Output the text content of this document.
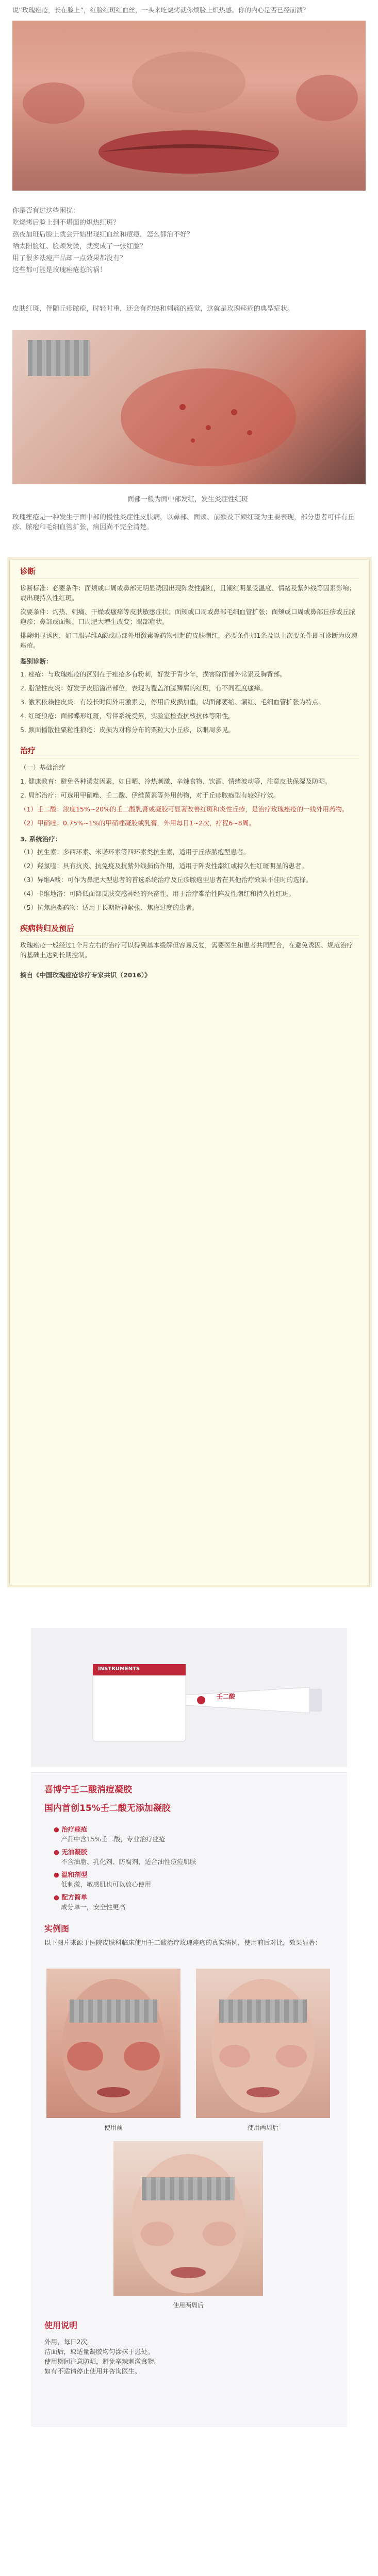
说“玫瑰痤疮，长在脸上”，红脸红斑红血丝，一头来吃烧烤就你烦脸上炽热感。你的内心是否已经崩溃？

你是否有过这些困扰：

吃烧烤后脸上到不堪面的炽热红斑？

熬夜加班后脸上就会开始出现红血丝和痘痘，怎么都治不好？

晒太阳脸红、脸颊发烫，就变成了一张红脸？

用了很多祛痘产品却一点效果都没有？

这些都可能是玫瑰痤疮惹的祸！

皮肤红斑，伴随丘疹脓疱，时轻时重，还会有灼热和刺痛的感觉，这就是玫瑰痤疮的典型症状。

面部一般为面中部发红，发生炎症性红斑

玫瑰痤疮是一种发生于面中部的慢性炎症性皮肤病，以鼻部、面颊、前额及下颏红斑为主要表现，部分患者可伴有丘疹、脓疱和毛细血管扩张，病因尚不完全清楚。

诊断

诊断标准：必要条件：面颊或口周或鼻部无明显诱因出现阵发性潮红，且潮红明显受温度、情绪及紫外线等因素影响；或出现持久性红斑。

次要条件：灼热、刺痛、干燥或瘙痒等皮肤敏感症状；面颊或口周或鼻部毛细血管扩张；面颊或口周或鼻部丘疹或丘脓疱疹；鼻部或面颊、口周肥大增生改变；眼部症状。

排除明显诱因，如口服异维A酸或局部外用激素等药物引起的皮肤潮红，必要条件加1条及以上次要条件即可诊断为玫瑰痤疮。

鉴别诊断：

1. 痤疮：与玫瑰痤疮的区别在于痤疮多有粉刺，好发于青少年，损害除面部外常累及胸背部。

2. 脂溢性皮炎：好发于皮脂溢出部位，表现为覆盖油腻鳞屑的红斑，有不同程度瘙痒。

3. 激素依赖性皮炎：有较长时间外用激素史，停用后皮损加重，以面部萎缩、潮红、毛细血管扩张为特点。

4. 红斑狼疮：面部蝶形红斑，常伴系统受累，实验室检查抗核抗体等阳性。

5. 颜面播散性粟粒性狼疮：皮损为对称分布的粟粒大小丘疹，以眼周多见。

治疗

（一）基础治疗

1. 健康教育：避免各种诱发因素，如日晒、冷热刺激、辛辣食物、饮酒、情绪波动等，注意皮肤保湿及防晒。

2. 局部治疗：可选用甲硝唑、壬二酸、伊维菌素等外用药物，对于丘疹脓疱型有较好疗效。

（1）壬二酸：浓度15%~20%的壬二酸乳膏或凝胶可显著改善红斑和炎性丘疹，是治疗玫瑰痤疮的一线外用药物。

（2）甲硝唑：0.75%~1%的甲硝唑凝胶或乳膏，外用每日1~2次，疗程6~8周。

3. 系统治疗：

（1）抗生素：多西环素、米诺环素等四环素类抗生素，适用于丘疹脓疱型患者。

（2）羟氯喹：具有抗炎、抗免疫及抗紫外线损伤作用，适用于阵发性潮红或持久性红斑明显的患者。

（3）异维A酸：可作为鼻肥大型患者的首选系统治疗及丘疹脓疱型患者在其他治疗效果不佳时的选择。

（4）卡维地洛：可降低面部皮肤交感神经的兴奋性，用于治疗难治性阵发性潮红和持久性红斑。

（5）抗焦虑类药物：适用于长期精神紧张、焦虑过度的患者。

疾病转归及预后

玫瑰痤疮一般经过1个月左右的治疗可以得到基本缓解但容易反复，需要医生和患者共同配合，在避免诱因、规范治疗的基础上达到长期控制。

摘自《中国玫瑰痤疮诊疗专家共识（2016）》

INSTRUMENTS
壬二酸
喜博宁壬二酸消痘凝胶
国内首创15%壬二酸无添加凝胶
● 治疗痤疮
产品中含15%壬二酸，专业治疗痤疮
● 无油凝胶
不含油脂、乳化剂、防腐剂，适合油性痘痘肌肤
● 温和剂型
低刺激，敏感肌也可以放心使用
● 配方简单
成分单一，安全性更高
实例图
以下图片来源于医院皮肤科临床使用壬二酸治疗玫瑰痤疮的真实病例，使用前后对比，效果显著：
使用前	使用两周后
使用两周后
使用说明
外用，每日2次。
洁面后，取适量凝胶均匀涂抹于患处。
使用期间注意防晒，避免辛辣刺激食物。
如有不适请停止使用并咨询医生。
